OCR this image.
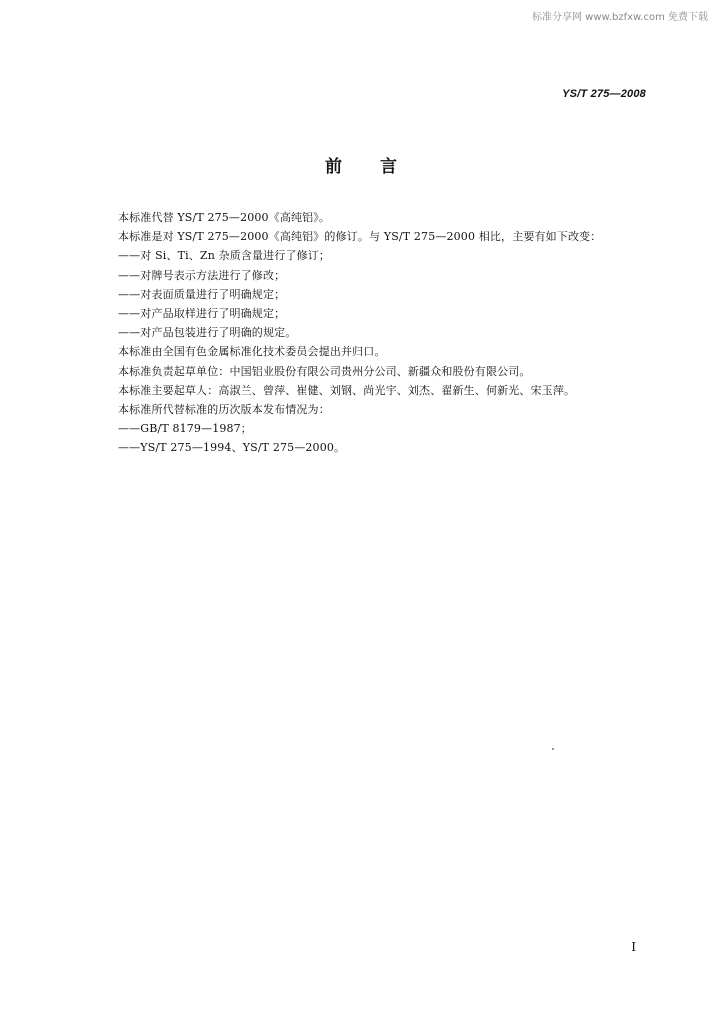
标准分享网 www.bzfxw.com 免费下载
YS/T 275—2008
前言
本标准代替 YS/T 275—2000《高纯铝》。
本标准是对 YS/T 275—2000《高纯铝》的修订。与 YS/T 275—2000 相比，主要有如下改变：
——对 Si、Ti、Zn 杂质含量进行了修订；
——对牌号表示方法进行了修改；
——对表面质量进行了明确规定；
——对产品取样进行了明确规定；
——对产品包装进行了明确的规定。
本标准由全国有色金属标准化技术委员会提出并归口。
本标准负责起草单位：中国铝业股份有限公司贵州分公司、新疆众和股份有限公司。
本标准主要起草人：高淑兰、曾萍、崔健、刘钢、尚光宇、刘杰、翟新生、何新光、宋玉萍。
本标准所代替标准的历次版本发布情况为：
——GB/T 8179—1987；
——YS/T 275—1994、YS/T 275—2000。
I
